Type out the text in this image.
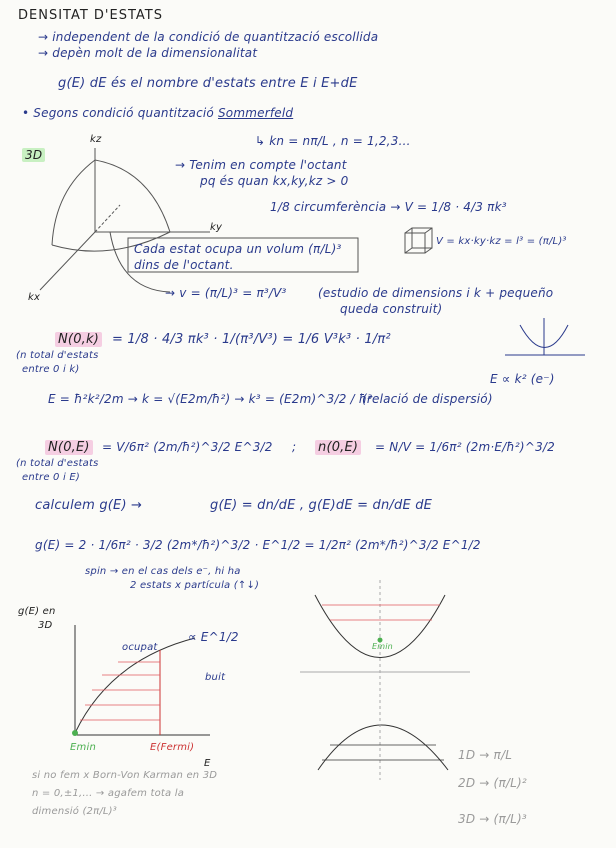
DENSITAT D'ESTATS
→ independent de la condició de quantització escollida
→ depèn molt de la dimensionalitat
g(E) dE és el nombre d'estats entre E i E+dE
• Segons condició quantització Sommerfeld
↳ kn = nπ/L , n = 1,2,3…
3D
→ Tenim en compte l'octant
pq és quan kx,ky,kz > 0
1/8 circumferència → V = 1/8 · 4/3 πk³
kz
ky
kx
Cada estat ocupa un volum (π/L)³
dins de l'octant.
V = kx·ky·kz = l³ = (π/L)³
→ v = (π/L)³ = π³/V³	(estudio de dimensions i k + pequeño
queda construit)
N(0,k) = 1/8 · 4/3 πk³ · 1/(π³/V³) = 1/6 V³k³ · 1/π²
(n total d'estats
entre 0 i k)
E ∝ k² (e⁻)
E = ħ²k²/2m → k = √(E2m/ħ²) → k³ = (E2m)^3/2 / ħ³
(relació de dispersió)
N(0,E) = V/6π² (2m/ħ²)^3/2 E^3/2 ; n(0,E) = N/V = 1/6π² (2m·E/ħ²)^3/2
(n total d'estats
entre 0 i E)
calculem g(E) →	g(E) = dn/dE , g(E)dE = dn/dE dE
g(E) = 2 · 1/6π² · 3/2 (2m*/ħ²)^3/2 · E^1/2 = 1/2π² (2m*/ħ²)^3/2 E^1/2
spin → en el cas dels e⁻, hi ha
2 estats x partícula (↑↓)
g(E) en
3D
∝ E^1/2
ocupat
buit
Emin	E(Fermi)
E
Emin
si no fem x Born-Von Karman en 3D
n = 0,±1,… → agafem tota la
dimensió (2π/L)³
1D → π/L
2D → (π/L)²
3D → (π/L)³
